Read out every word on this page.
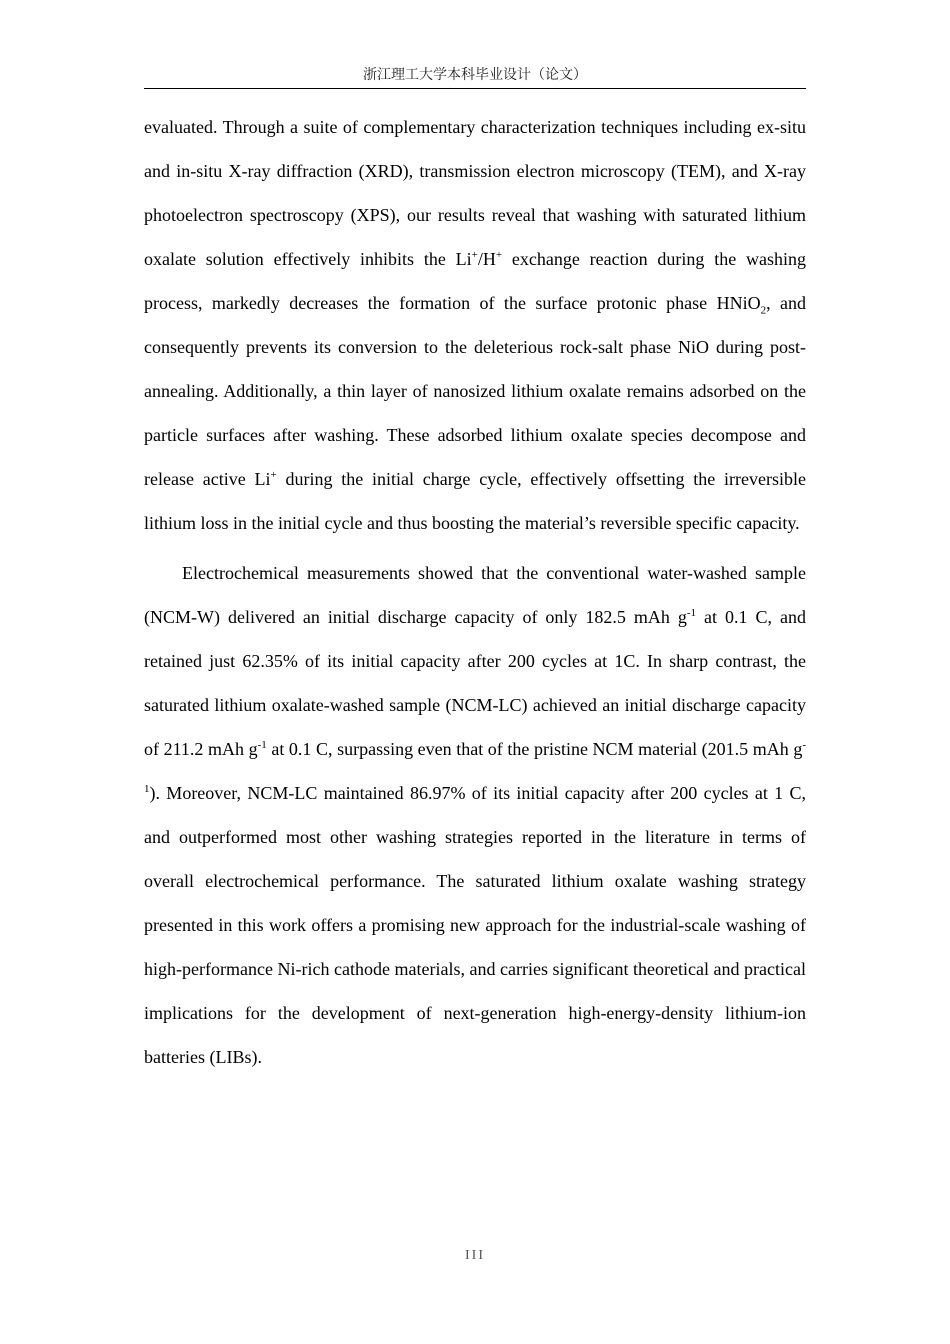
浙江理工大学本科毕业设计（论文）

evaluated. Through a suite of complementary characterization techniques including ex-situ and in-situ X-ray diffraction (XRD), transmission electron microscopy (TEM), and X-ray photoelectron spectroscopy (XPS), our results reveal that washing with saturated lithium oxalate solution effectively inhibits the Li+/H+ exchange reaction during the washing process, markedly decreases the formation of the surface protonic phase HNiO$_2$, and consequently prevents its conversion to the deleterious rock-salt phase NiO during post-annealing. Additionally, a thin layer of nanosized lithium oxalate remains adsorbed on the particle surfaces after washing. These adsorbed lithium oxalate species decompose and release active Li+ during the initial charge cycle, effectively offsetting the irreversible lithium loss in the initial cycle and thus boosting the material’s reversible specific capacity.

Electrochemical measurements showed that the conventional water-washed sample (NCM-W) delivered an initial discharge capacity of only 182.5 mAh $g^{-1}$ at 0.1 C, and retained just 62.35% of its initial capacity after 200 cycles at 1C. In sharp contrast, the saturated lithium oxalate-washed sample (NCM-LC) achieved an initial discharge capacity of 211.2 mAh $g^{-1}$ at 0.1 C, surpassing even that of the pristine NCM material (201.5 mAh $g^{-1}$). Moreover, NCM-LC maintained 86.97% of its initial capacity after 200 cycles at 1 C, and outperformed most other washing strategies reported in the literature in terms of overall electrochemical performance. The saturated lithium oxalate washing strategy presented in this work offers a promising new approach for the industrial-scale washing of high-performance Ni-rich cathode materials, and carries significant theoretical and practical implications for the development of next-generation high-energy-density lithium-ion batteries (LIBs).

III
